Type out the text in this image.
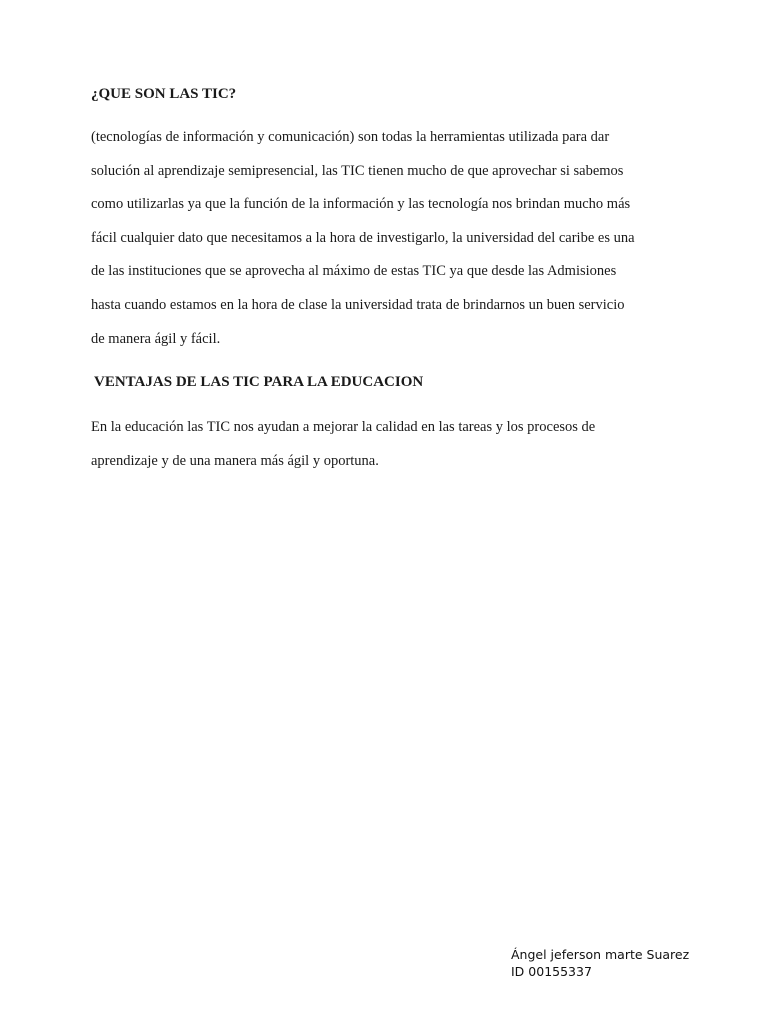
¿QUE SON LAS TIC?

(tecnologías de información y comunicación) son todas la herramientas utilizada para dar
solución al aprendizaje semipresencial, las TIC tienen mucho de que aprovechar si sabemos
como utilizarlas ya que la función de la información y las tecnología nos brindan mucho más
fácil cualquier dato que necesitamos a la hora de investigarlo, la universidad del caribe es una
de las instituciones que se aprovecha al máximo de estas TIC ya que desde las Admisiones
hasta cuando estamos en la hora de clase la universidad trata de brindarnos un buen servicio
de manera ágil y fácil.

VENTAJAS DE LAS TIC PARA LA EDUCACION

En la educación las TIC nos ayudan a mejorar la calidad en las tareas y los procesos de
aprendizaje y de una manera más ágil y oportuna.

Ángel jeferson marte Suarez
ID 00155337
